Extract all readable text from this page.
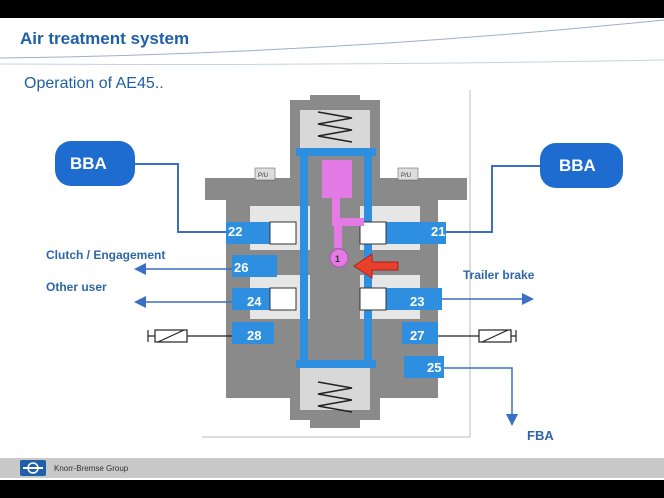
Air treatment system
Operation of AE45..
BBA	BBA
1
P/U	P/U
22	21
26
24	23
28	27
25
Clutch / Engagement
Other user
Trailer brake
FBA
Knorr-Bremse Group
